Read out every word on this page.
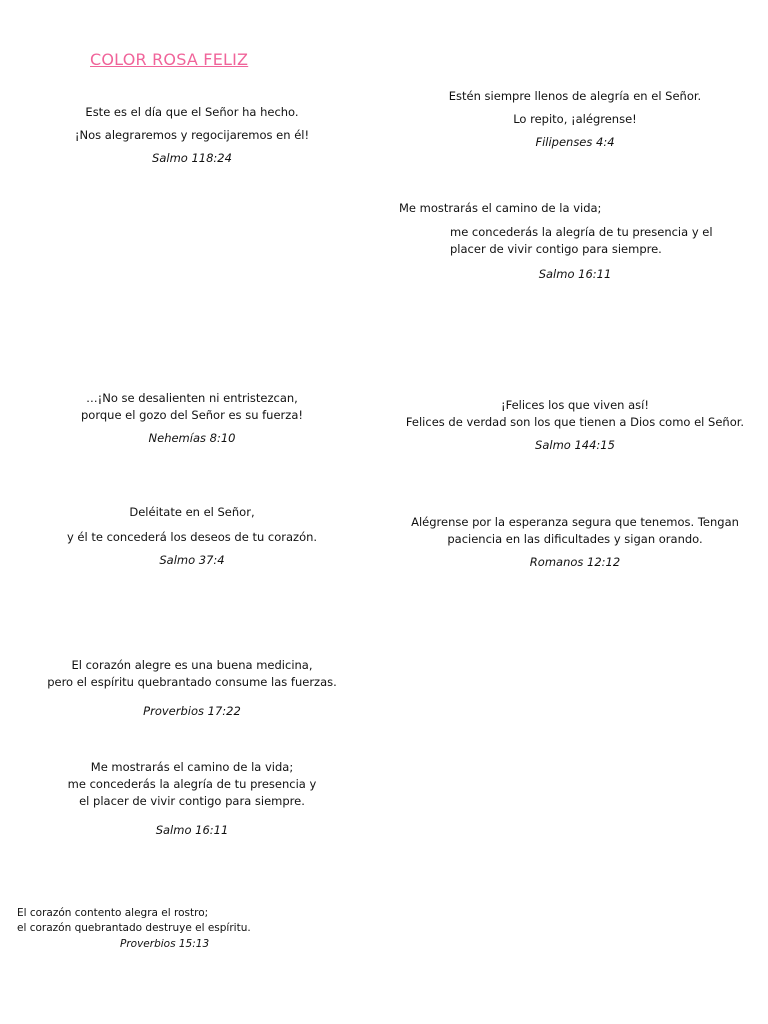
COLOR ROSA FELIZ
Este es el día que el Señor ha hecho.
¡Nos alegraremos y regocijaremos en él!
Salmo 118:24
Estén siempre llenos de alegría en el Señor.
Lo repito, ¡alégrense!
Filipenses 4:4
Me mostrarás el camino de la vida;
me concederás la alegría de tu presencia y el
placer de vivir contigo para siempre.
Salmo 16:11
…¡No se desalienten ni entristezcan,
porque el gozo del Señor es su fuerza!
Nehemías 8:10
¡Felices los que viven así!
Felices de verdad son los que tienen a Dios como el Señor.
Salmo 144:15
Deléitate en el Señor,
y él te concederá los deseos de tu corazón.
Salmo 37:4
Alégrense por la esperanza segura que tenemos. Tengan
paciencia en las dificultades y sigan orando.
Romanos 12:12
El corazón alegre es una buena medicina,
pero el espíritu quebrantado consume las fuerzas.
Proverbios 17:22
Me mostrarás el camino de la vida;
me concederás la alegría de tu presencia y
el placer de vivir contigo para siempre.
Salmo 16:11
El corazón contento alegra el rostro;
el corazón quebrantado destruye el espíritu.
Proverbios 15:13
